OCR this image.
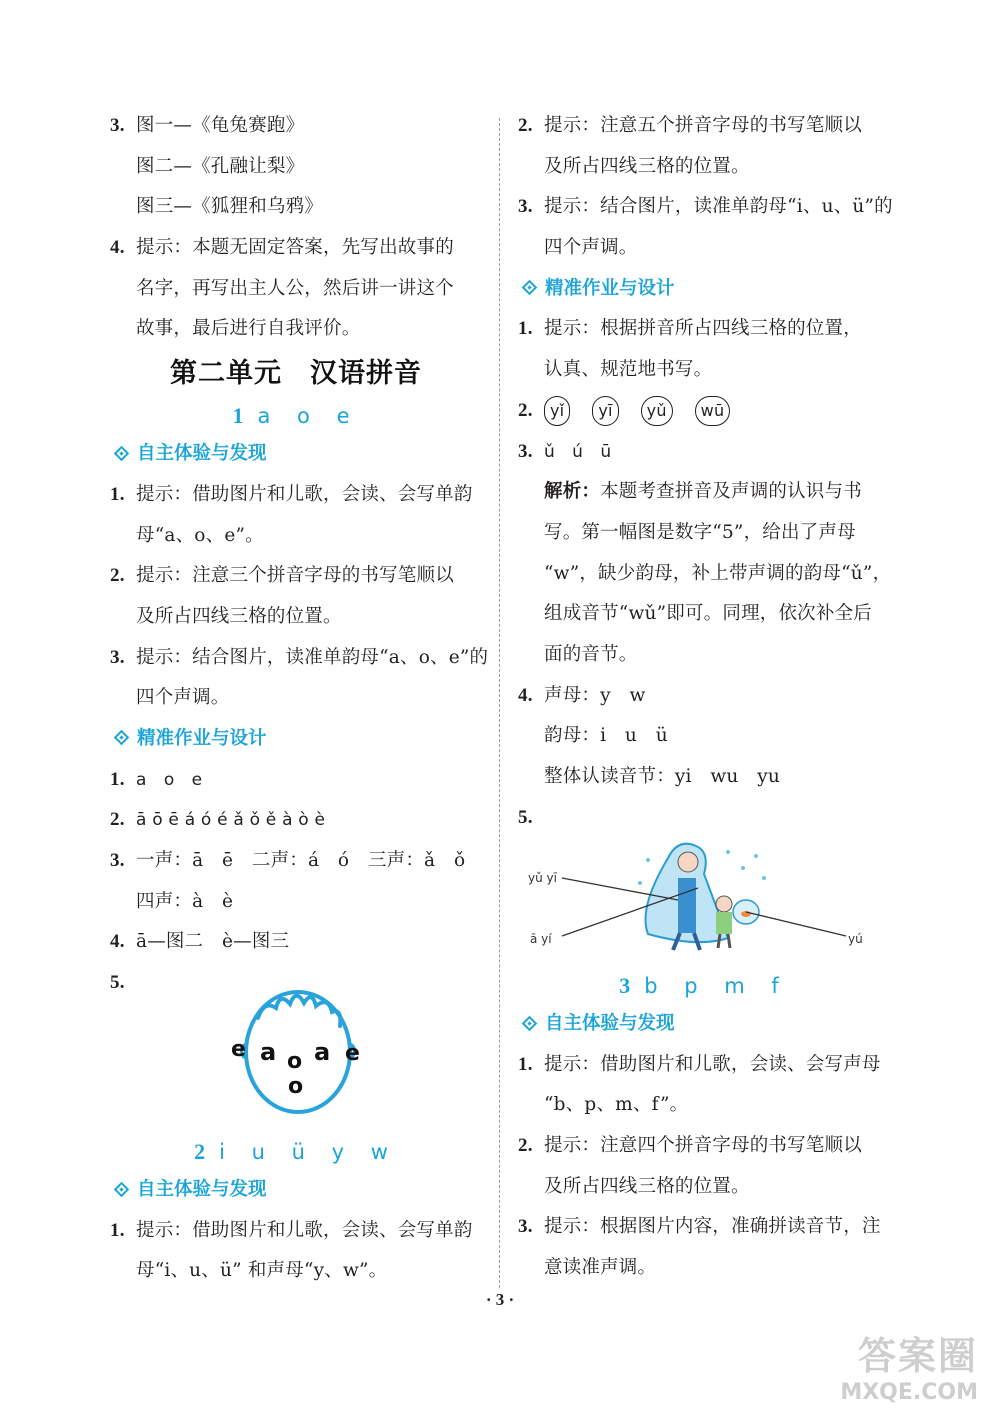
3. 图一—《龟兔赛跑》
图二—《孔融让梨》
图三—《狐狸和乌鸦》
4. 提示：本题无固定答案，先写出故事的
名字，再写出主人公，然后讲一讲这个
故事，最后进行自我评价。
第二单元　汉语拼音
1 a o e
自主体验与发现
1. 提示：借助图片和儿歌，会读、会写单韵
母“a、o、e”。
2. 提示：注意三个拼音字母的书写笔顺以
及所占四线三格的位置。
3. 提示：结合图片，读准单韵母“a、o、e”的
四个声调。
精准作业与设计
1. a　o　e
2. ā ō ē á ó é ǎ ǒ ě à ò è
3. 一声：ā　ē　二声：á　ó　三声：ǎ　ǒ
四声：à　è
4. ā—图二　è—图三
5.
e a a e
o
o
2 i u ü y w
自主体验与发现
1. 提示：借助图片和儿歌，会读、会写单韵
母“i、u、ü” 和声母“y、w”。
2. 提示：注意五个拼音字母的书写笔顺以
及所占四线三格的位置。
3. 提示：结合图片，读准单韵母“i、u、ü”的
四个声调。
精准作业与设计
1. 提示：根据拼音所占四线三格的位置，
认真、规范地书写。
2. yǐ yī yǔ wū
3. ǔ　ú　ū
解析：本题考查拼音及声调的认识与书
写。第一幅图是数字“5”，给出了声母
“w”，缺少韵母，补上带声调的韵母“ǔ”，
组成音节“wǔ”即可。同理，依次补全后
面的音节。
4. 声母：y　w
韵母：i　u　ü
整体认读音节：yi　wu　yu
5.
yǔ yī
ā yí	yú
3 b p m f
自主体验与发现
1. 提示：借助图片和儿歌，会读、会写声母
“b、p、m、f”。
2. 提示：注意四个拼音字母的书写笔顺以
及所占四线三格的位置。
3. 提示：根据图片内容，准确拼读音节，注
意读准声调。
· 3 ·
答案圈
MXQE.COM
